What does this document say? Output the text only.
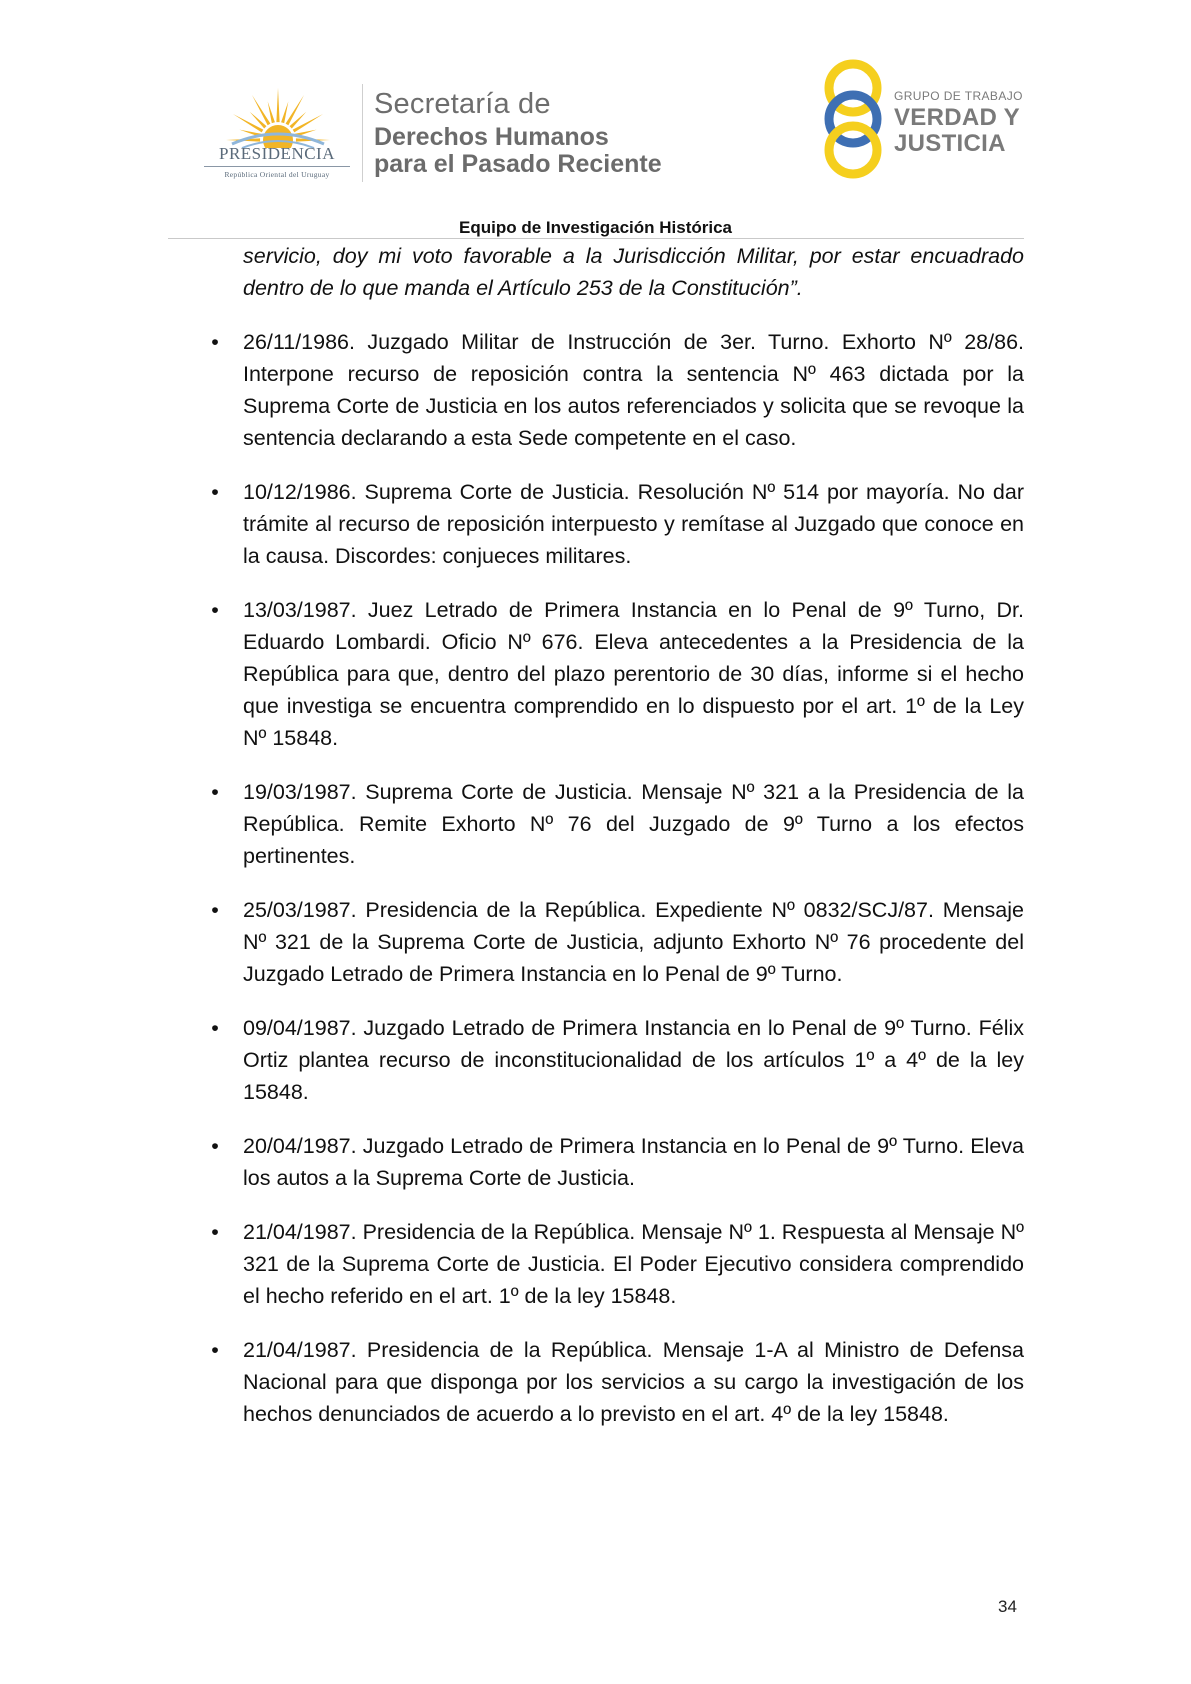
PRESIDENCIA
República Oriental del Uruguay
Secretaría de
Derechos Humanos
para el Pasado Reciente
GRUPO DE TRABAJO
VERDAD Y
JUSTICIA
Equipo de Investigación Histórica

servicio, doy mi voto favorable a la Jurisdicción Militar, por estar encuadrado dentro de lo que manda el Artículo 253 de la Constitución”.

• 26/11/1986. Juzgado Militar de Instrucción de 3er. Turno. Exhorto Nº 28/86. Interpone recurso de reposición contra la sentencia Nº 463 dictada por la Suprema Corte de Justicia en los autos referenciados y solicita que se revoque la sentencia declarando a esta Sede competente en el caso.
• 10/12/1986. Suprema Corte de Justicia. Resolución Nº 514 por mayoría. No dar trámite al recurso de reposición interpuesto y remítase al Juzgado que conoce en la causa. Discordes: conjueces militares.
• 13/03/1987. Juez Letrado de Primera Instancia en lo Penal de 9º Turno, Dr. Eduardo Lombardi. Oficio Nº 676. Eleva antecedentes a la Presidencia de la República para que, dentro del plazo perentorio de 30 días, informe si el hecho que investiga se encuentra comprendido en lo dispuesto por el art. 1º de la Ley Nº 15848.
• 19/03/1987. Suprema Corte de Justicia. Mensaje Nº 321 a la Presidencia de la República. Remite Exhorto Nº 76 del Juzgado de 9º Turno a los efectos pertinentes.
• 25/03/1987. Presidencia de la República. Expediente Nº 0832/SCJ/87. Mensaje Nº 321 de la Suprema Corte de Justicia, adjunto Exhorto Nº 76 procedente del Juzgado Letrado de Primera Instancia en lo Penal de 9º Turno.
• 09/04/1987. Juzgado Letrado de Primera Instancia en lo Penal de 9º Turno. Félix Ortiz plantea recurso de inconstitucionalidad de los artículos 1º a 4º de la ley 15848.
• 20/04/1987. Juzgado Letrado de Primera Instancia en lo Penal de 9º Turno. Eleva los autos a la Suprema Corte de Justicia.
• 21/04/1987. Presidencia de la República. Mensaje Nº 1. Respuesta al Mensaje Nº 321 de la Suprema Corte de Justicia. El Poder Ejecutivo considera comprendido el hecho referido en el art. 1º de la ley 15848.
• 21/04/1987. Presidencia de la República. Mensaje 1-A al Ministro de Defensa Nacional para que disponga por los servicios a su cargo la investigación de los hechos denunciados de acuerdo a lo previsto en el art. 4º de la ley 15848.
34
